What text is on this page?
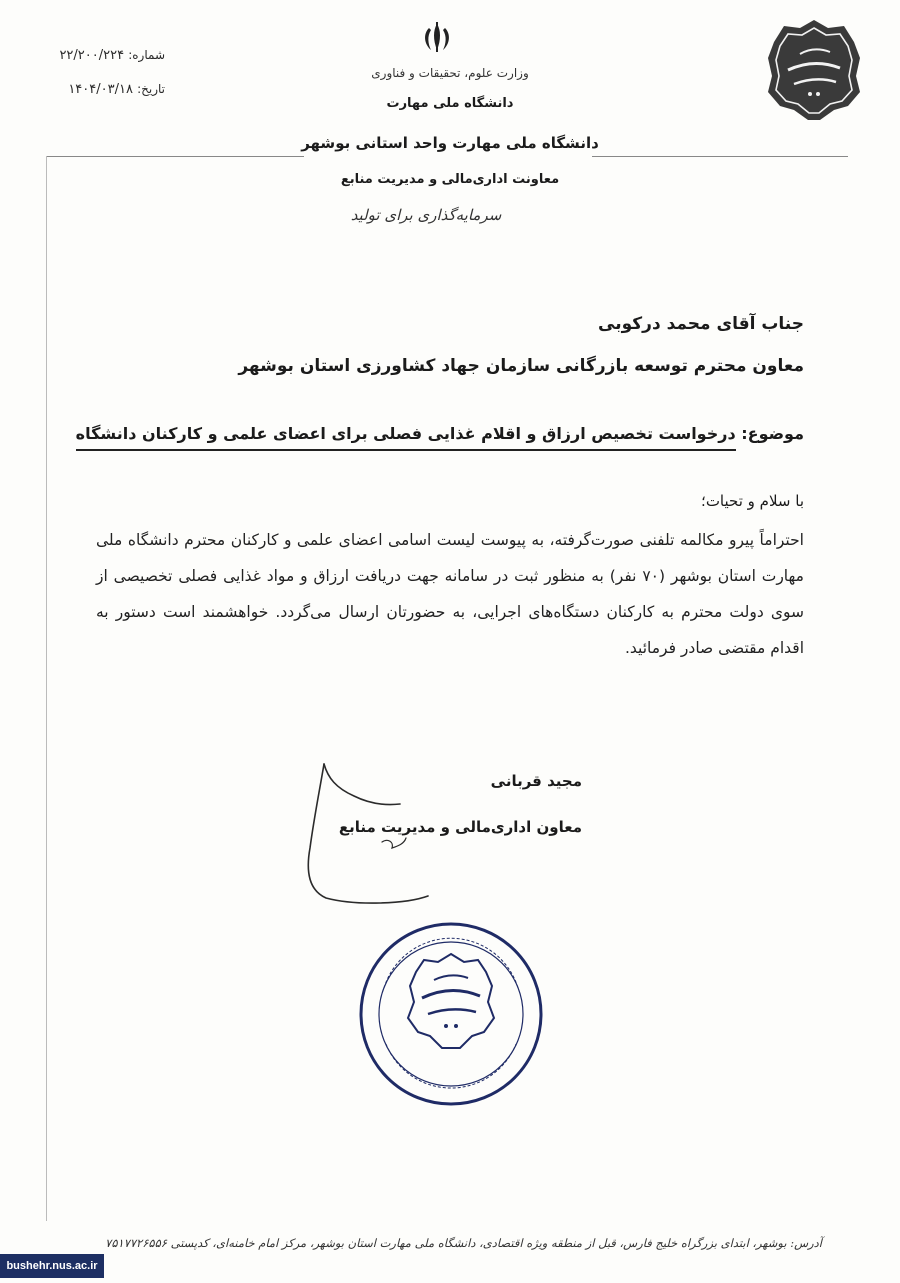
شماره: ۲۲/۲۰۰/۲۲۴
تاریخ: ۱۴۰۴/۰۳/۱۸
وزارت علوم، تحقیقات و فناوری
دانشگاه ملی مهارت
دانشگاه ملی مهارت واحد استانی بوشهر
معاونت اداری‌مالی و مدیریت منابع
سرمایه‌گذاری برای تولید
جناب آقای محمد درکوبی
معاون محترم توسعه بازرگانی سازمان جهاد کشاورزی استان بوشهر
موضوع: درخواست تخصیص ارزاق و اقلام غذایی فصلی برای اعضای علمی و کارکنان دانشگاه
با سلام و تحیات؛
احتراماً پیرو مکالمه تلفنی صورت‌گرفته، به پیوست لیست اسامی اعضای علمی و کارکنان محترم دانشگاه ملی مهارت استان بوشهر (۷۰ نفر) به منظور ثبت در سامانه جهت دریافت ارزاق و مواد غذایی فصلی تخصیصی از سوی دولت محترم به کارکنان دستگاه‌های اجرایی، به حضورتان ارسال می‌گردد. خواهشمند است دستور به اقدام مقتضی صادر فرمائید.
مجید قربانی
معاون اداری‌مالی و مدیریت منابع
آدرس: بوشهر، ابتدای بزرگراه خلیج فارس، قبل از منطقه ویژه اقتصادی، دانشگاه ملی مهارت استان بوشهر، مرکز امام خامنه‌ای، کدپستی ۷۵۱۷۷۲۶۵۵۶
bushehr.nus.ac.ir
